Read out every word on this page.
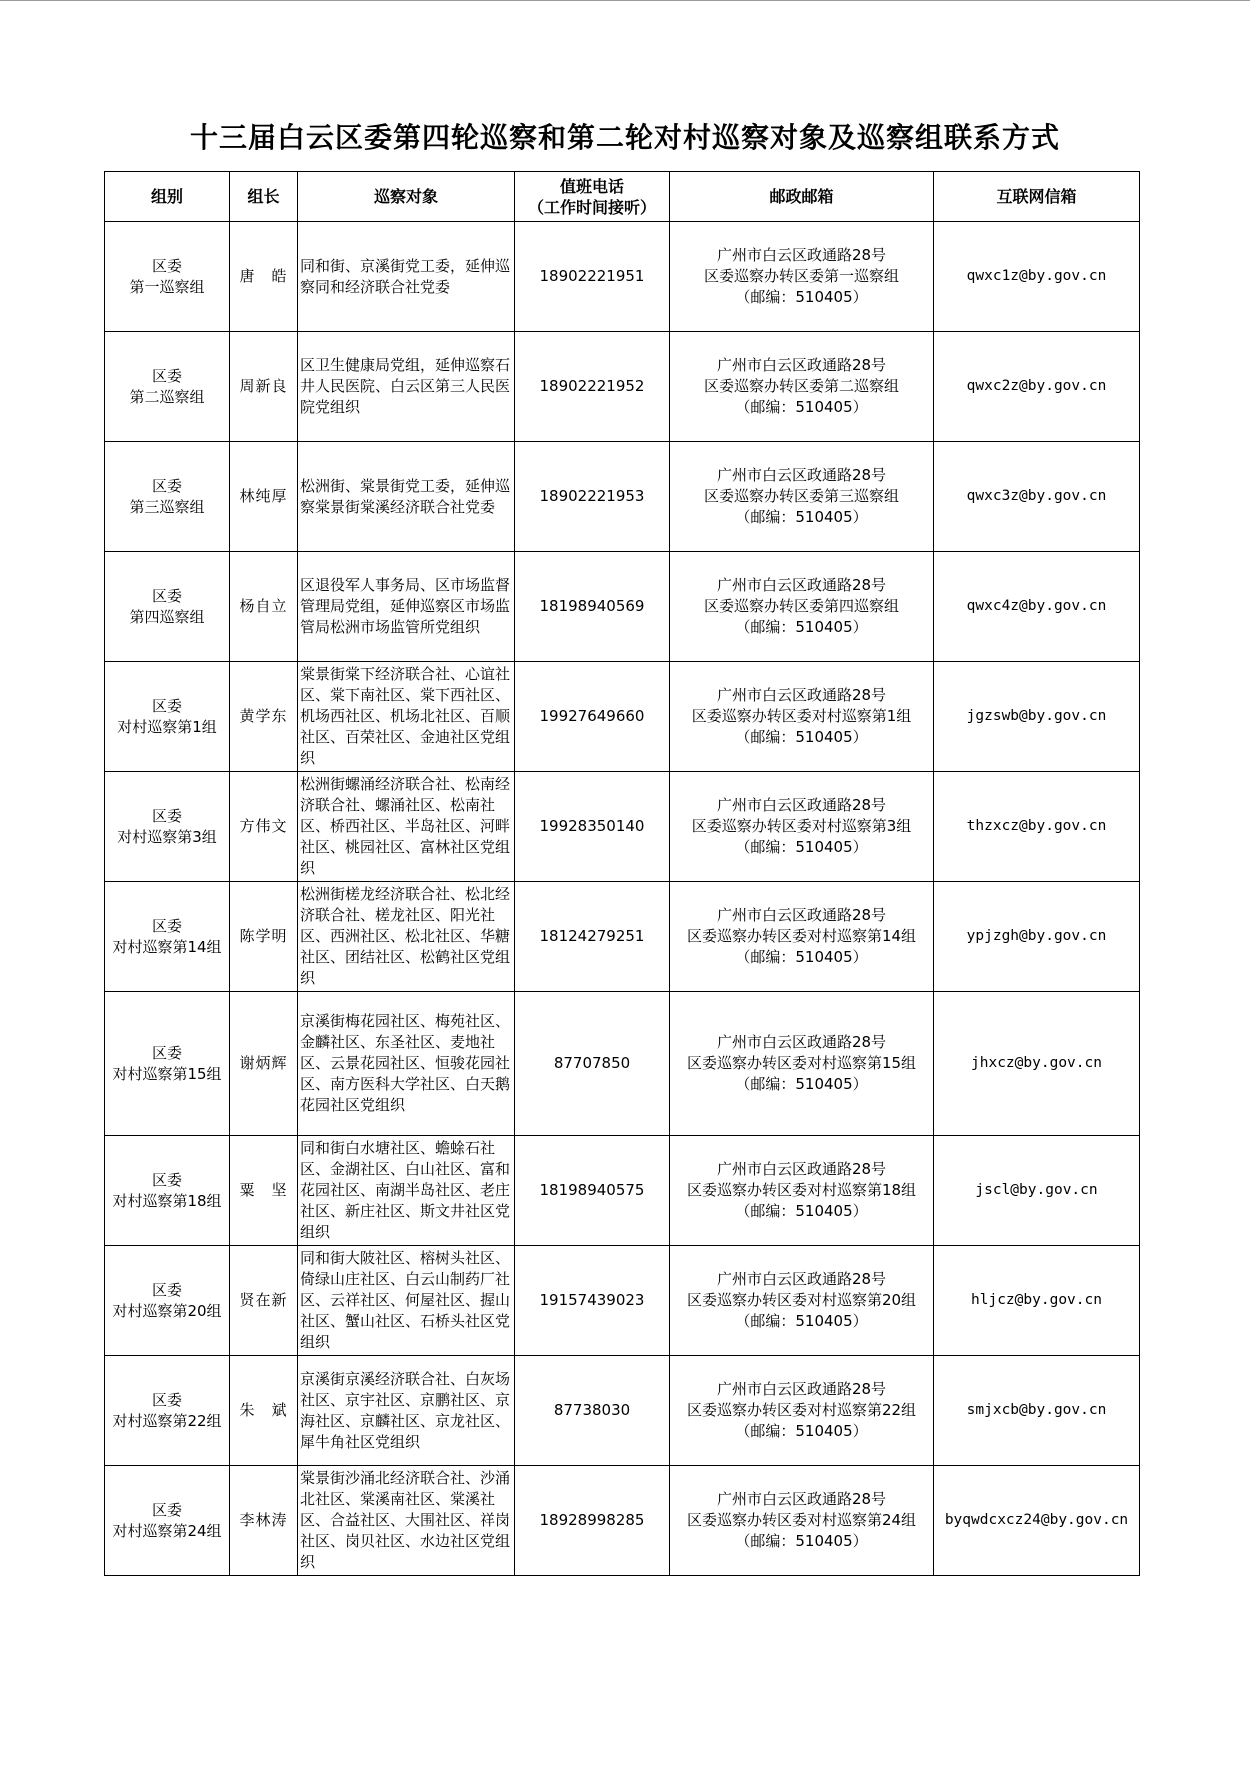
十三届白云区委第四轮巡察和第二轮对村巡察对象及巡察组联系方式
组别	组长	巡察对象	值班电话
（工作时间接听）	邮政邮箱	互联网信箱

区委
第一巡察组	唐　皓	同和街、京溪街党工委，延伸巡察同和经济联合社党委	18902221951	广州市白云区政通路28号
区委巡察办转区委第一巡察组
（邮编：510405）	qwxc1z@by.gov.cn

区委
第二巡察组	周新良	区卫生健康局党组，延伸巡察石井人民医院、白云区第三人民医院党组织	18902221952	广州市白云区政通路28号
区委巡察办转区委第二巡察组
（邮编：510405）	qwxc2z@by.gov.cn

区委
第三巡察组	林纯厚	松洲街、棠景街党工委，延伸巡察棠景街棠溪经济联合社党委	18902221953	广州市白云区政通路28号
区委巡察办转区委第三巡察组
（邮编：510405）	qwxc3z@by.gov.cn

区委
第四巡察组	杨自立	区退役军人事务局、区市场监督管理局党组，延伸巡察区市场监管局松洲市场监管所党组织	18198940569	广州市白云区政通路28号
区委巡察办转区委第四巡察组
（邮编：510405）	qwxc4z@by.gov.cn

区委
对村巡察第1组	黄学东	棠景街棠下经济联合社、心谊社区、棠下南社区、棠下西社区、机场西社区、机场北社区、百顺社区、百荣社区、金迪社区党组织	19927649660	广州市白云区政通路28号
区委巡察办转区委对村巡察第1组
（邮编：510405）	jgzswb@by.gov.cn

区委
对村巡察第3组	方伟文	松洲街螺涌经济联合社、松南经济联合社、螺涌社区、松南社区、桥西社区、半岛社区、河畔社区、桃园社区、富林社区党组织	19928350140	广州市白云区政通路28号
区委巡察办转区委对村巡察第3组
（邮编：510405）	thzxcz@by.gov.cn

区委
对村巡察第14组	陈学明	松洲街槎龙经济联合社、松北经济联合社、槎龙社区、阳光社区、西洲社区、松北社区、华糖社区、团结社区、松鹤社区党组织	18124279251	广州市白云区政通路28号
区委巡察办转区委对村巡察第14组
（邮编：510405）	ypjzgh@by.gov.cn

区委
对村巡察第15组	谢炳辉	京溪街梅花园社区、梅苑社区、金麟社区、东圣社区、麦地社区、云景花园社区、恒骏花园社区、南方医科大学社区、白天鹅花园社区党组织	87707850	广州市白云区政通路28号
区委巡察办转区委对村巡察第15组
（邮编：510405）	jhxcz@by.gov.cn

区委
对村巡察第18组	粟　坚	同和街白水塘社区、蟾蜍石社区、金湖社区、白山社区、富和花园社区、南湖半岛社区、老庄社区、新庄社区、斯文井社区党组织	18198940575	广州市白云区政通路28号
区委巡察办转区委对村巡察第18组
（邮编：510405）	jscl@by.gov.cn

区委
对村巡察第20组	贤在新	同和街大陂社区、榕树头社区、倚绿山庄社区、白云山制药厂社区、云祥社区、何屋社区、握山社区、蟹山社区、石桥头社区党组织	19157439023	广州市白云区政通路28号
区委巡察办转区委对村巡察第20组
（邮编：510405）	hljcz@by.gov.cn

区委
对村巡察第22组	朱　斌	京溪街京溪经济联合社、白灰场社区、京宇社区、京鹏社区、京海社区、京麟社区、京龙社区、犀牛角社区党组织	87738030	广州市白云区政通路28号
区委巡察办转区委对村巡察第22组
（邮编：510405）	smjxcb@by.gov.cn

区委
对村巡察第24组	李林涛	棠景街沙涌北经济联合社、沙涌北社区、棠溪南社区、棠溪社区、合益社区、大围社区、祥岗社区、岗贝社区、水边社区党组织	18928998285	广州市白云区政通路28号
区委巡察办转区委对村巡察第24组
（邮编：510405）	byqwdcxcz24@by.gov.cn
